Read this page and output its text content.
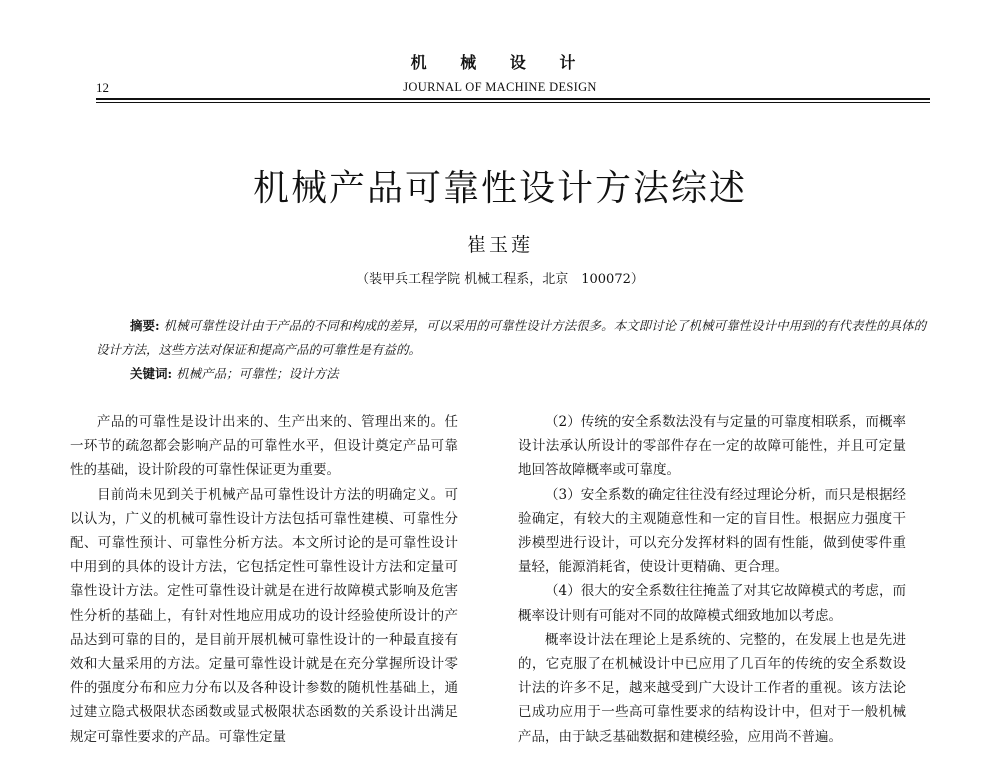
机 械 设 计
12	JOURNAL OF MACHINE DESIGN
机械产品可靠性设计方法综述
崔玉莲
（装甲兵工程学院 机械工程系，北京　100072）
摘要: 机械可靠性设计由于产品的不同和构成的差异，可以采用的可靠性设计方法很多。本文即讨论了机械可靠性设计中用到的有代表性的具体的设计方法，这些方法对保证和提高产品的可靠性是有益的。
关键词: 机械产品；可靠性；设计方法

产品的可靠性是设计出来的、生产出来的、管理出来的。任一环节的疏忽都会影响产品的可靠性水平，但设计奠定产品可靠性的基础，设计阶段的可靠性保证更为重要。

目前尚未见到关于机械产品可靠性设计方法的明确定义。可以认为，广义的机械可靠性设计方法包括可靠性建模、可靠性分配、可靠性预计、可靠性分析方法。本文所讨论的是可靠性设计中用到的具体的设计方法，它包括定性可靠性设计方法和定量可靠性设计方法。定性可靠性设计就是在进行故障模式影响及危害性分析的基础上，有针对性地应用成功的设计经验使所设计的产品达到可靠的目的，是目前开展机械可靠性设计的一种最直接有效和大量采用的方法。定量可靠性设计就是在充分掌握所设计零件的强度分布和应力分布以及各种设计参数的随机性基础上，通过建立隐式极限状态函数或显式极限状态函数的关系设计出满足规定可靠性要求的产品。可靠性定量

（2）传统的安全系数法没有与定量的可靠度相联系，而概率设计法承认所设计的零部件存在一定的故障可能性，并且可定量地回答故障概率或可靠度。

（3）安全系数的确定往往没有经过理论分析，而只是根据经验确定，有较大的主观随意性和一定的盲目性。根据应力强度干涉模型进行设计，可以充分发挥材料的固有性能，做到使零件重量轻，能源消耗省，使设计更精确、更合理。

（4）很大的安全系数往往掩盖了对其它故障模式的考虑，而概率设计则有可能对不同的故障模式细致地加以考虑。

概率设计法在理论上是系统的、完整的，在发展上也是先进的，它克服了在机械设计中已应用了几百年的传统的安全系数设计法的许多不足，越来越受到广大设计工作者的重视。该方法论已成功应用于一些高可靠性要求的结构设计中，但对于一般机械产品，由于缺乏基础数据和建模经验，应用尚不普遍。
